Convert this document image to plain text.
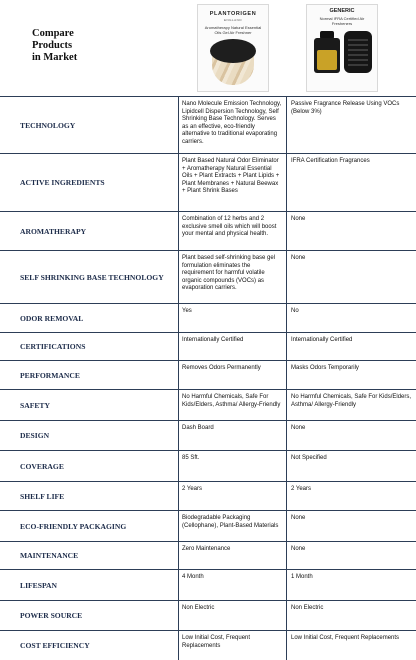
Compare
Products
in Market
PLANTORIGEN
ENGLAND
Aromatherapy Natural Essential Oils Gel Air Freshner
GENERIC
Normal IFRA Certified Air Fresheners
TECHNOLOGY
Nano Molecule Emission Technology, Lipidcell Dispersion Technology, Self Shrinking Base Technology. Serves as an effective, eco-friendly alternative to traditional evaporating carriers.
Passive Fragrance Release Using VOCs (Below 3%)
ACTIVE INGREDIENTS
Plant Based Natural Odor Eliminator + Aromatherapy Natural Essential Oils + Plant Extracts + Plant Lipids + Plant Membranes + Natural Beewax + Plant Shrink Bases
IFRA Certification Fragrances
AROMATHERAPY
Combination of 12 herbs and 2 exclusive smell oils which will boost your mental and physical health.
None
SELF SHRINKING BASE TECHNOLOGY
Plant based self-shrinking base gel formulation eliminates the requirement for harmful volatile organic compounds (VOCs) as evaporation carriers.
None
ODOR REMOVAL
Yes	No
CERTIFICATIONS
Internationally Certified	Internationally Certified
PERFORMANCE
Removes Odors Permanently	Masks Odors Temporarily
SAFETY
No Harmful Chemicals, Safe For Kids/Elders, Asthma/ Allergy-Friendly
No Harmful Chemicals, Safe For Kids/Elders, Asthma/ Allergy-Friendly
DESIGN
Dash Board	None
COVERAGE
85 Sft.	Not Specified
SHELF LIFE
2 Years	2 Years
ECO-FRIENDLY PACKAGING
Biodegradable Packaging (Cellophane), Plant-Based Materials
None
MAINTENANCE
Zero Maintenance	None
LIFESPAN
4 Month	1 Month
POWER SOURCE
Non Electric	Non Electric
COST EFFICIENCY
Low Initial Cost, Frequent Replacements
Low Initial Cost, Frequent Replacements
